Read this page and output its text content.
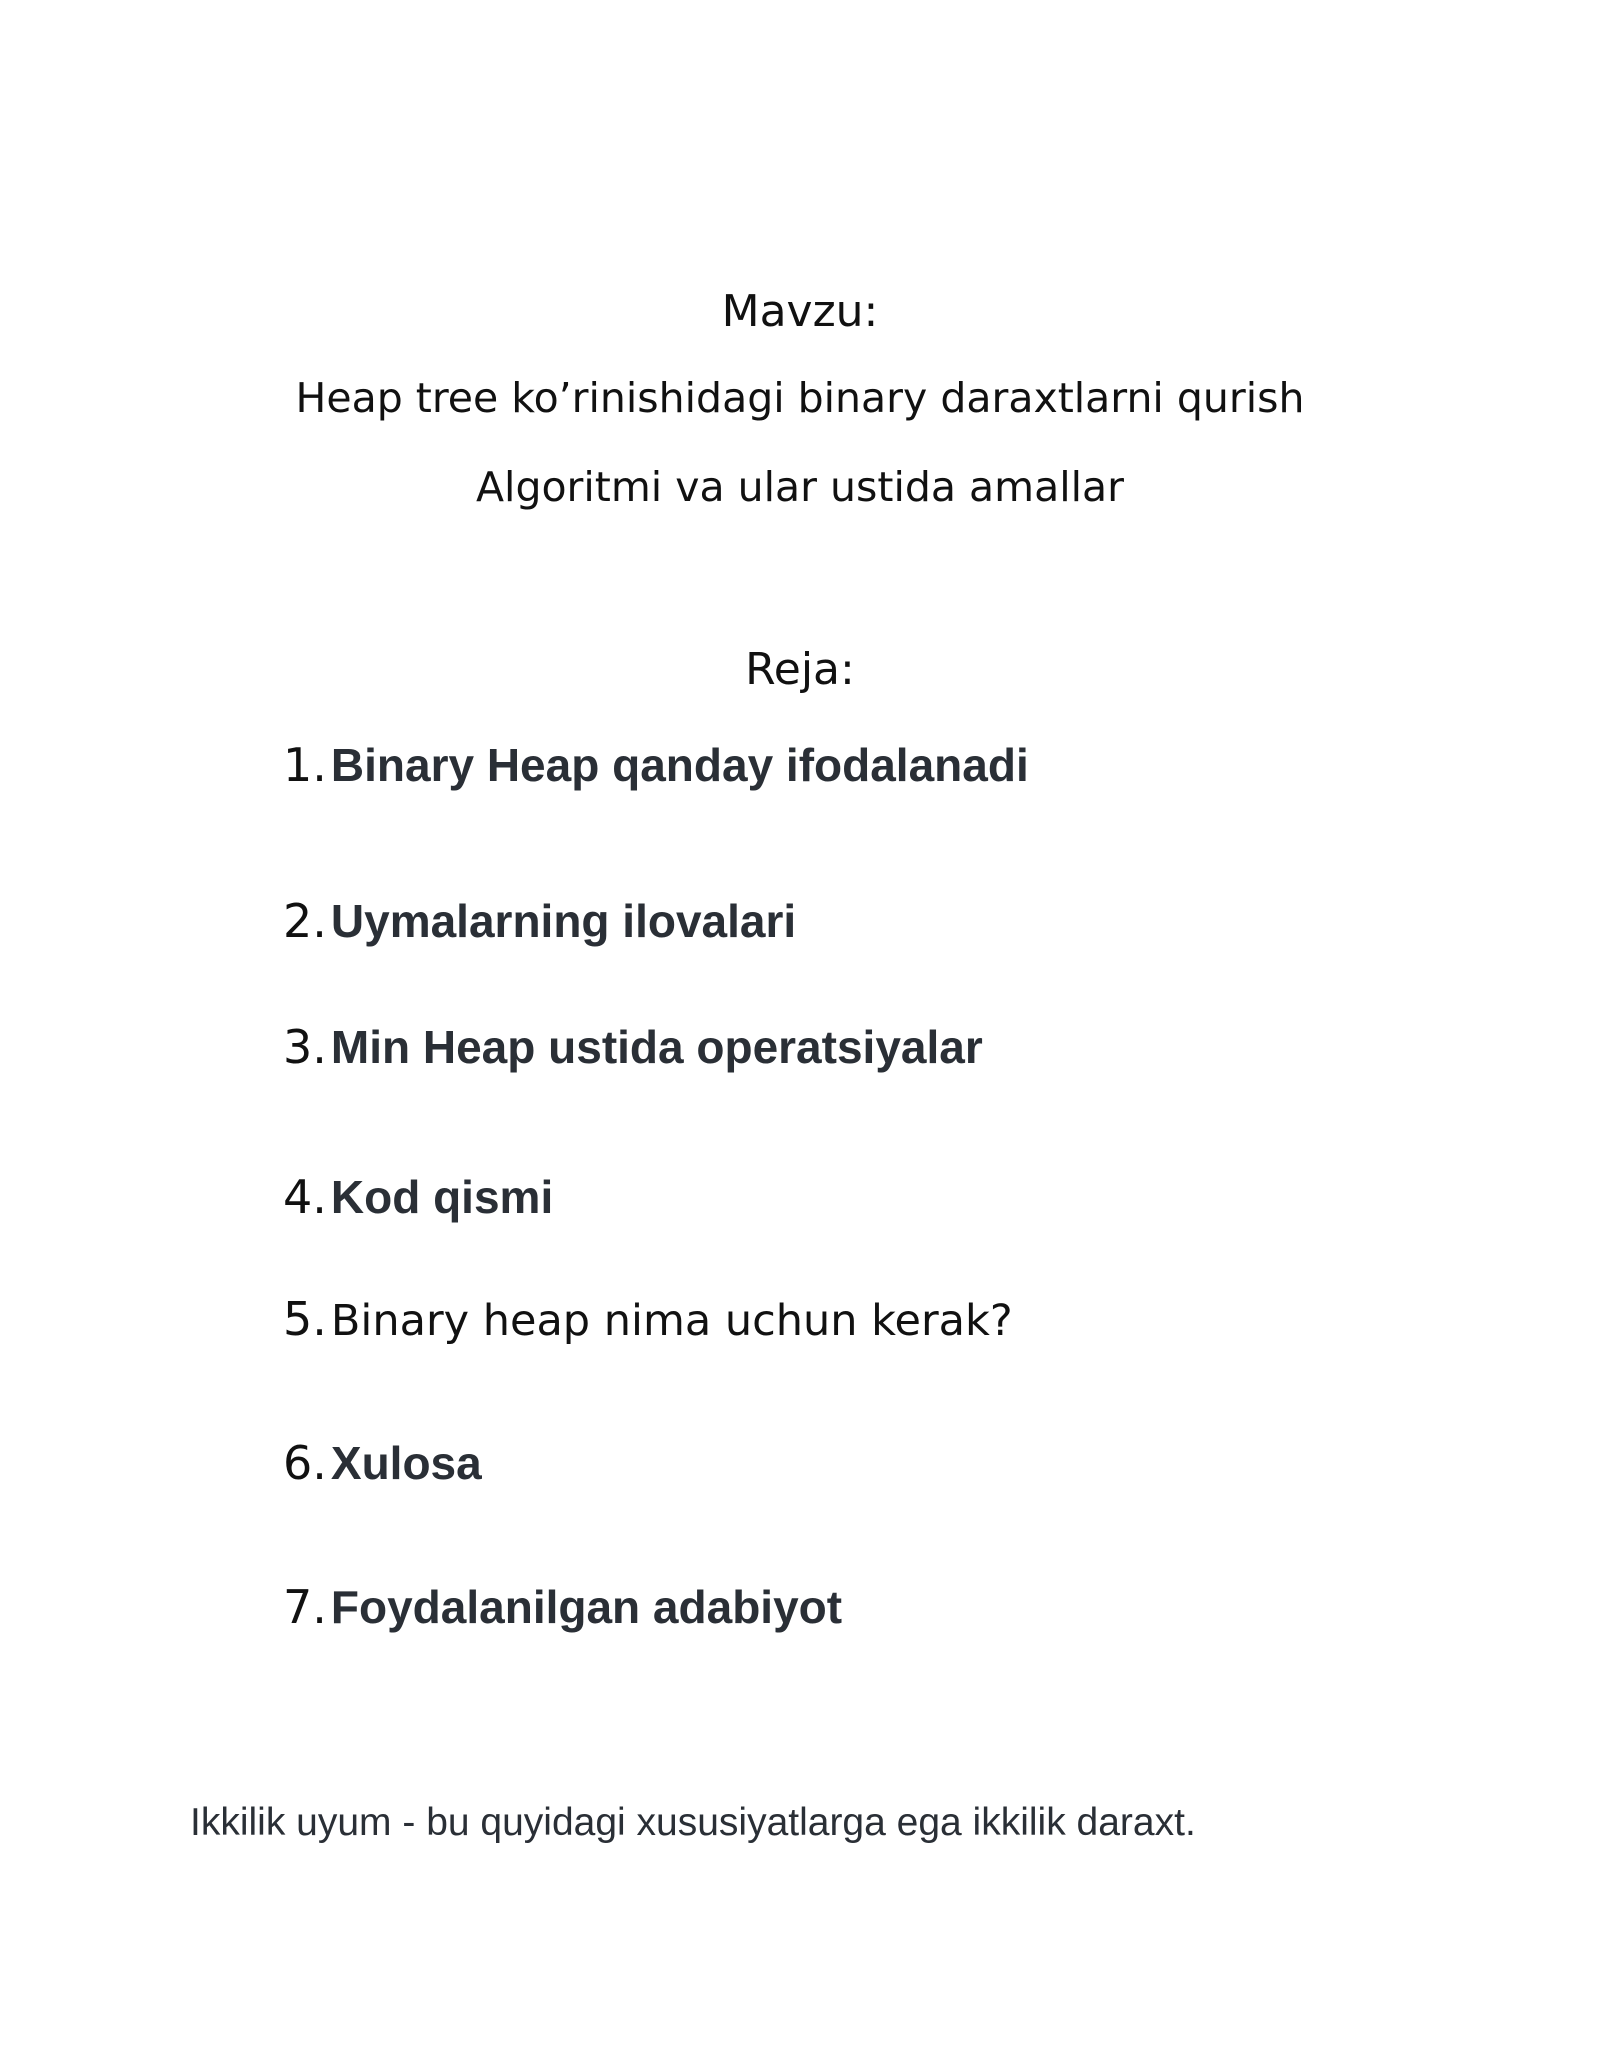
Mavzu:
Heap tree ko’rinishidagi binary daraxtlarni qurish
Algoritmi va ular ustida amallar
Reja:
1. Binary Heap qanday ifodalanadi
2. Uymalarning ilovalari
3. Min Heap ustida operatsiyalar
4. Kod qismi
5. Binary heap nima uchun kerak?
6. Xulosa
7. Foydalanilgan adabiyot
Ikkilik uyum - bu quyidagi xususiyatlarga ega ikkilik daraxt.
